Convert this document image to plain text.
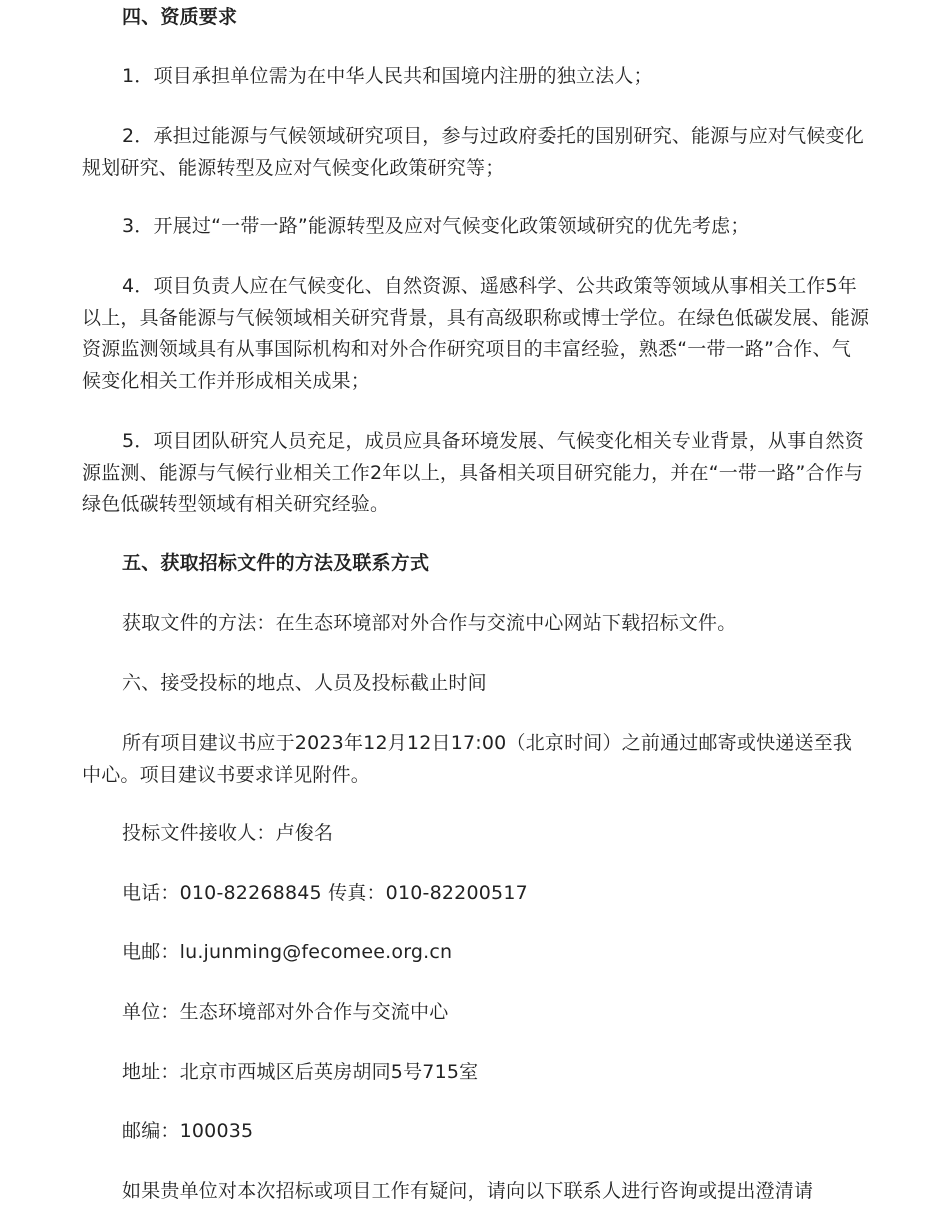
四、资质要求

1．项目承担单位需为在中华人民共和国境内注册的独立法人；

2．承担过能源与气候领域研究项目，参与过政府委托的国别研究、能源与应对气候变化规划研究、能源转型及应对气候变化政策研究等；

3．开展过“一带一路”能源转型及应对气候变化政策领域研究的优先考虑；

4．项目负责人应在气候变化、自然资源、遥感科学、公共政策等领域从事相关工作5年以上，具备能源与气候领域相关研究背景，具有高级职称或博士学位。在绿色低碳发展、能源资源监测领域具有从事国际机构和对外合作研究项目的丰富经验，熟悉“一带一路”合作、气候变化相关工作并形成相关成果；

5．项目团队研究人员充足，成员应具备环境发展、气候变化相关专业背景，从事自然资源监测、能源与气候行业相关工作2年以上，具备相关项目研究能力，并在“一带一路”合作与绿色低碳转型领域有相关研究经验。

五、获取招标文件的方法及联系方式

获取文件的方法：在生态环境部对外合作与交流中心网站下载招标文件。

六、接受投标的地点、人员及投标截止时间

所有项目建议书应于2023年12月12日17:00（北京时间）之前通过邮寄或快递送至我中心。项目建议书要求详见附件。

投标文件接收人：卢俊名

电话：010-82268845 传真：010-82200517

电邮：lu.junming@fecomee.org.cn

单位：生态环境部对外合作与交流中心

地址：北京市西城区后英房胡同5号715室

邮编：100035

如果贵单位对本次招标或项目工作有疑问，请向以下联系人进行咨询或提出澄清请
